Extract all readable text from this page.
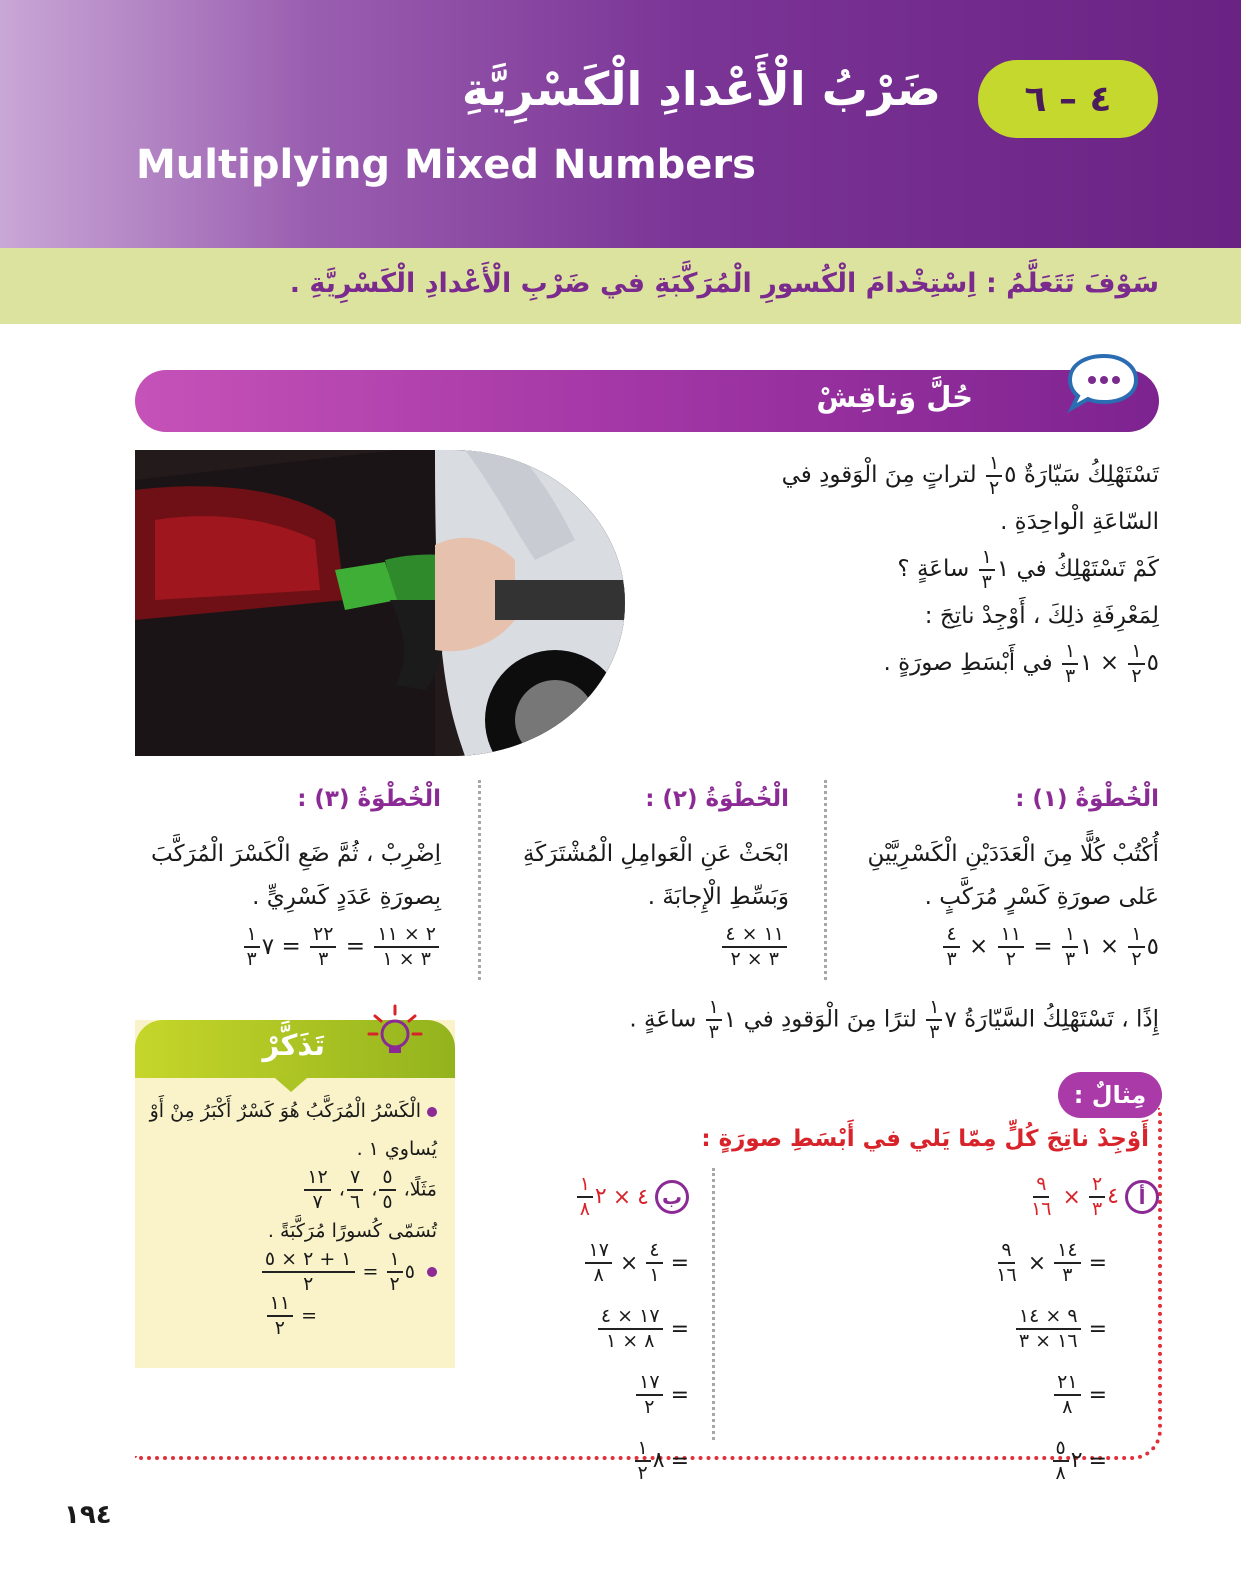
٤ – ٦
ضَرْبُ الْأَعْدادِ الْكَسْرِيَّةِ
Multiplying Mixed Numbers
سَوْفَ تَتَعَلَّمُ : اِسْتِخْدامَ الْكُسورِ الْمُرَكَّبَةِ في ضَرْبِ الْأَعْدادِ الْكَسْرِيَّةِ .
حُلَّ وَناقِشْ

تَسْتَهْلِكُ سَيّارَةٌ ٥
$\frac{١}{٢}$
لتراتٍ مِنَ الْوَقودِ في السّاعَةِ الْواحِدَةِ .

كَمْ تَسْتَهْلِكُ في ١
$\frac{١}{٣}$
ساعَةٍ ؟

لِمَعْرِفَةِ ذلِكَ ، أَوْجِدْ ناتِجَ :

٥
$\frac{١}{٢}$
× ١
$\frac{١}{٣}$
في أَبْسَطِ صورَةٍ .

الْخُطْوَةُ (١) :
أُكْتُبْ كُلًّا مِنَ الْعَدَدَيْنِ الْكَسْرِيَّيْنِ عَلى صورَةِ كَسْرٍ مُرَكَّبٍ .
٥
$\frac{١}{٢}$
× ١
$\frac{١}{٣}$
=
$\frac{١١}{٢}$
×
$\frac{٤}{٣}$
الْخُطْوَةُ (٢) :
ابْحَثْ عَنِ الْعَوامِلِ الْمُشْتَرَكَةِ وَبَسِّطِ الْإِجابَةَ .
$\frac{١١ \times ٤}{٣ \times ٢}$
الْخُطْوَةُ (٣) :
اِضْرِبْ ، ثُمَّ ضَعِ الْكَسْرَ الْمُرَكَّبَ بِصورَةِ عَدَدٍ كَسْرِيٍّ .
$\frac{٢ \times ١١}{٣ \times ١}$
=
$\frac{٢٢}{٣}$
= ٧
$\frac{١}{٣}$
إِذًا ، تَسْتَهْلِكُ السَّيّارَةُ ٧
$\frac{١}{٣}$
لترًا مِنَ الْوَقودِ في ١
$\frac{١}{٣}$
ساعَةٍ .
تَذَكَّرْ
الْكَسْرُ الْمُرَكَّبُ هُوَ كَسْرٌ أَكْبَرُ مِنْ أَوْ يُساوي ١ .
مَثَلًا،
$\frac{٥}{٥}$
،
$\frac{٧}{٦}$
،
$\frac{١٢}{٧}$
تُسَمّى كُسورًا مُرَكَّبَةً .
٥
$\frac{١}{٢}$
=
$\frac{١ + ٢ \times ٥}{٢}$
=
$\frac{١١}{٢}$
مِثالٌ :
أَوْجِدْ ناتِجَ كُلٍّ مِمّا يَلي في أَبْسَطِ صورَةٍ :
أ
٤
$\frac{٢}{٣}$
×
$\frac{٩}{١٦}$
=
$\frac{١٤}{٣}$
×
$\frac{٩}{١٦}$
=
$\frac{٩ \times ١٤}{١٦ \times ٣}$
=
$\frac{٢١}{٨}$
=
٢
$\frac{٥}{٨}$
ب
٤
×
٢
$\frac{١}{٨}$
=
$\frac{٤}{١}$
×
$\frac{١٧}{٨}$
=
$\frac{١٧ \times ٤}{٨ \times ١}$
=
$\frac{١٧}{٢}$
=
٨
$\frac{١}{٢}$
١٩٤
